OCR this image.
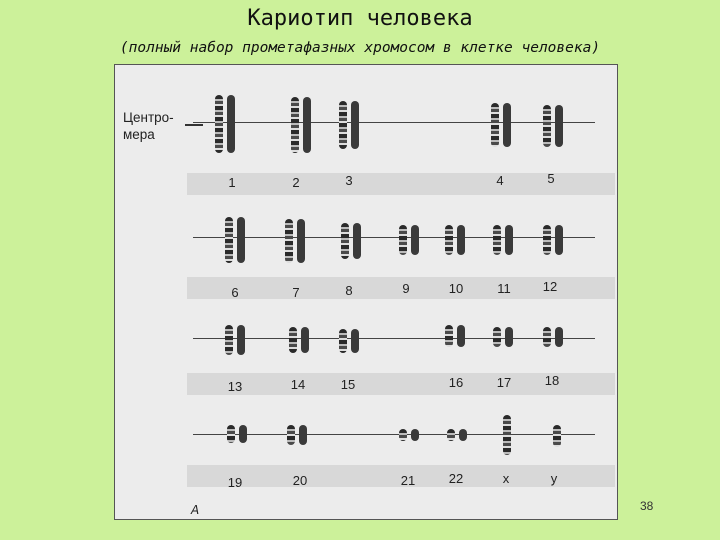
Кариотип человека
(полный набор прометафазных хромосом в клетке человека)
Центро-
мера
1	2	3	4	5
6	7	8	9	10	11	12
13	14	15	16	17	18
19	20	21	22	x	y
A	38
